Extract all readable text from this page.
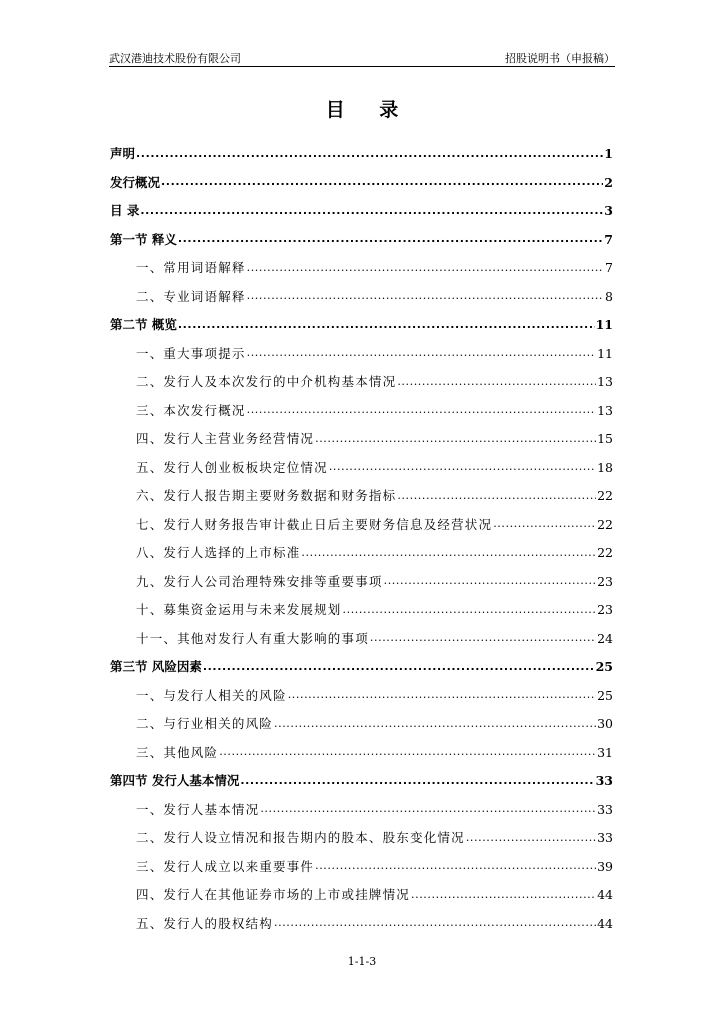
武汉港迪技术股份有限公司	招股说明书（申报稿）
目 录
声明 .....	1
发行概况 .....	2
目 录 .....	3
第一节 释义 .....	7
一、常用词语解释 .....	7
二、专业词语解释 .....	8
第二节 概览 .....	11
一、重大事项提示 .....	11
二、发行人及本次发行的中介机构基本情况 .....	13
三、本次发行概况 .....	13
四、发行人主营业务经营情况 .....	15
五、发行人创业板板块定位情况 .....	18
六、发行人报告期主要财务数据和财务指标 .....	22
七、发行人财务报告审计截止日后主要财务信息及经营状况 .....	22
八、发行人选择的上市标准 .....	22
九、发行人公司治理特殊安排等重要事项 .....	23
十、募集资金运用与未来发展规划 .....	23
十一、其他对发行人有重大影响的事项 .....	24
第三节 风险因素 .....	25
一、与发行人相关的风险 .....	25
二、与行业相关的风险 .....	30
三、其他风险 .....	31
第四节 发行人基本情况 .....	33
一、发行人基本情况 .....	33
二、发行人设立情况和报告期内的股本、股东变化情况 .....	33
三、发行人成立以来重要事件 .....	39
四、发行人在其他证券市场的上市或挂牌情况 .....	44
五、发行人的股权结构 .....	44
1-1-3
